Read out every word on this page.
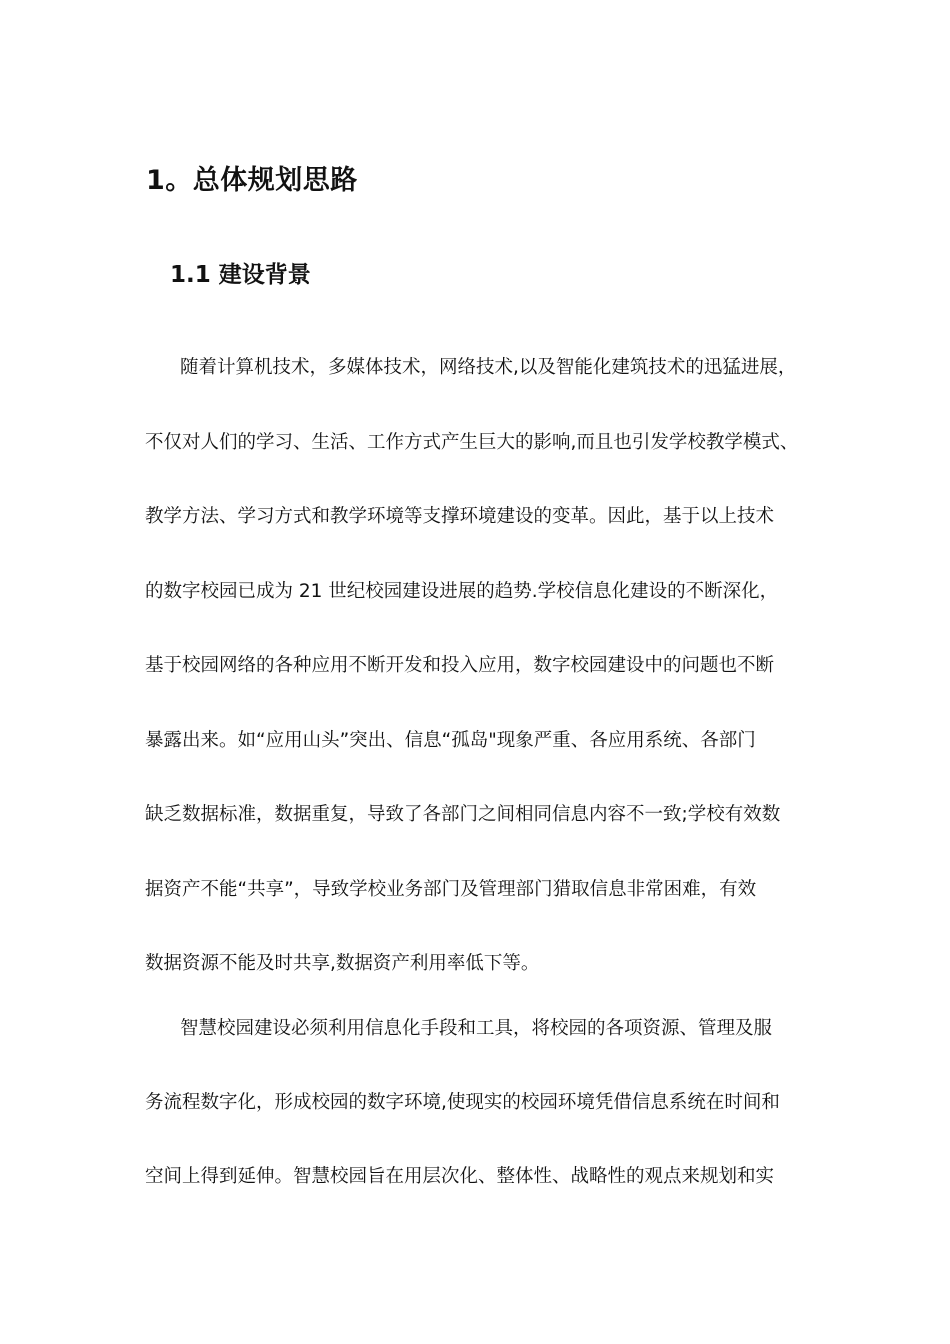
1。总体规划思路
1.1 建设背景
随着计算机技术，多媒体技术，网络技术,以及智能化建筑技术的迅猛进展，
不仅对人们的学习、生活、工作方式产生巨大的影响,而且也引发学校教学模式、
教学方法、学习方式和教学环境等支撑环境建设的变革。因此，基于以上技术
的数字校园已成为 21 世纪校园建设进展的趋势.学校信息化建设的不断深化，
基于校园网络的各种应用不断开发和投入应用，数字校园建设中的问题也不断
暴露出来。如“应用山头”突出、信息“孤岛"现象严重、各应用系统、各部门
缺乏数据标准，数据重复，导致了各部门之间相同信息内容不一致;学校有效数
据资产不能“共享”，导致学校业务部门及管理部门猎取信息非常困难，有效
数据资源不能及时共享,数据资产利用率低下等。
智慧校园建设必须利用信息化手段和工具，将校园的各项资源、管理及服
务流程数字化，形成校园的数字环境,使现实的校园环境凭借信息系统在时间和
空间上得到延伸。智慧校园旨在用层次化、整体性、战略性的观点来规划和实
